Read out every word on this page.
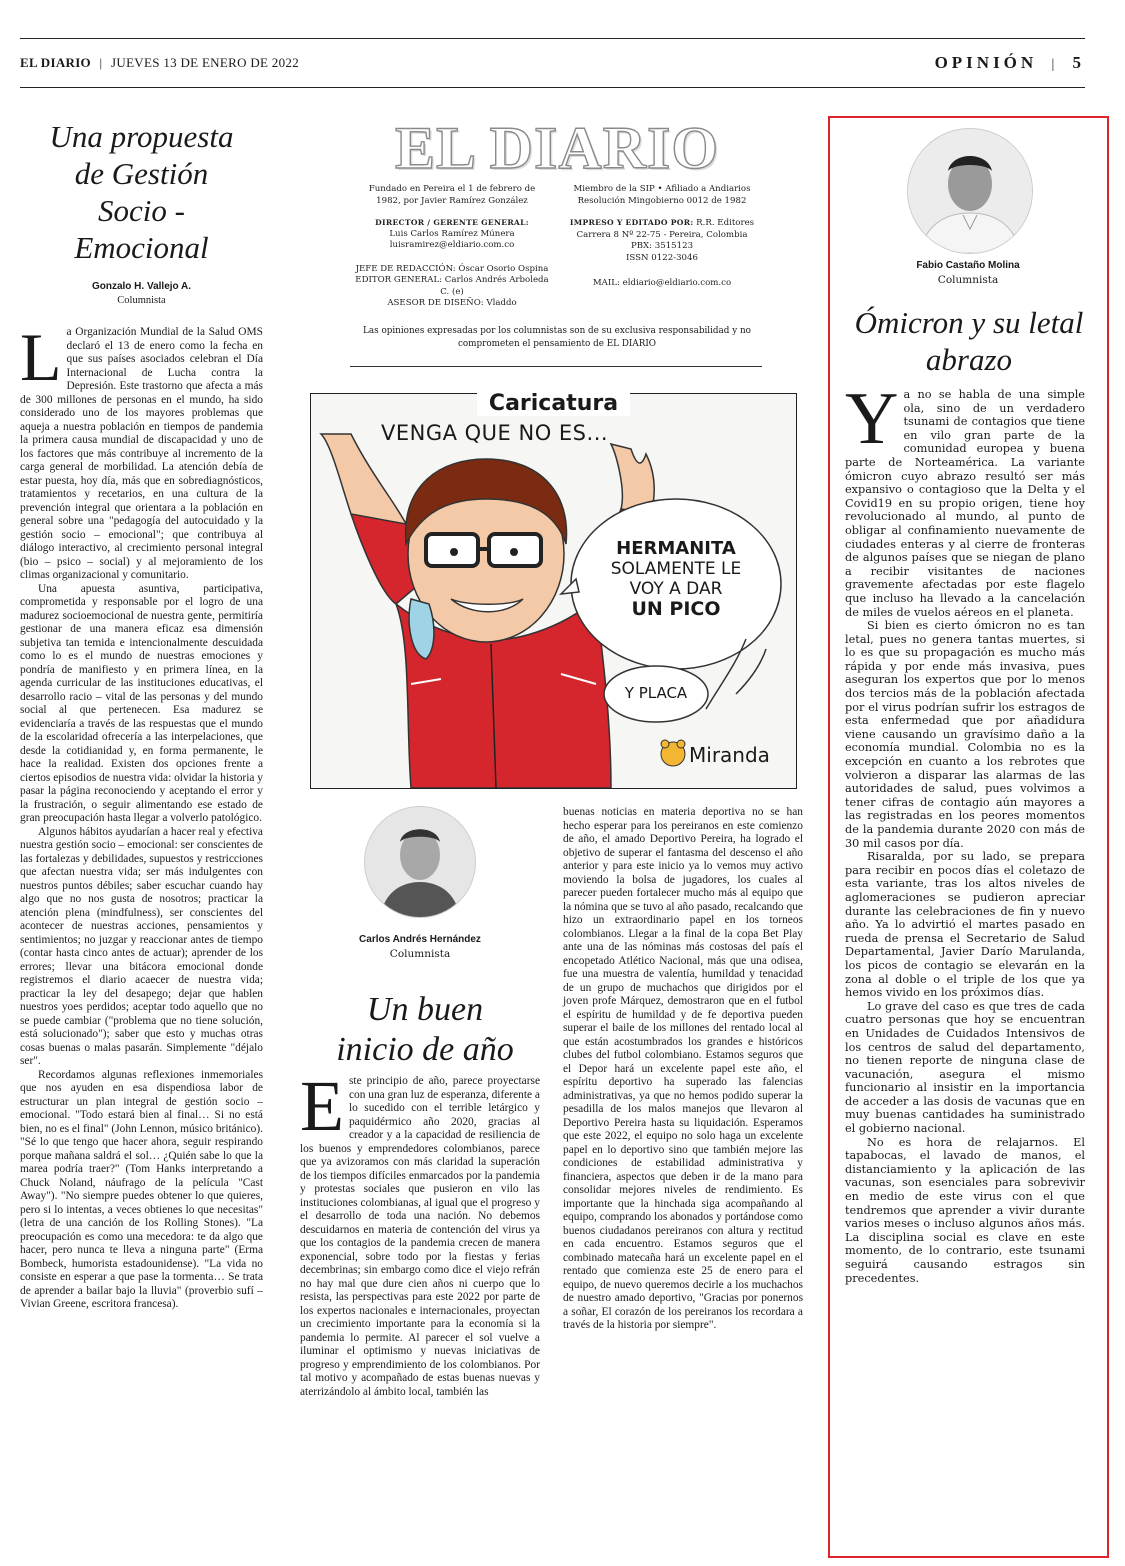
EL DIARIO | JUEVES 13 DE ENERO DE 2022	OPINIÓN | 5
Una propuesta de Gestión Socio - Emocional
Gonzalo H. Vallejo A.
Columnista

La Organización Mundial de la Salud OMS declaró el 13 de enero como la fecha en que sus países asociados celebran el Día Internacional de Lucha contra la Depresión. Este trastorno que afecta a más de 300 millones de personas en el mundo, ha sido considerado uno de los mayores problemas que aqueja a nuestra población en tiempos de pandemia la primera causa mundial de discapacidad y uno de los factores que más contribuye al incremento de la carga general de morbilidad. La atención debía de estar puesta, hoy día, más que en sobrediagnósticos, tratamientos y recetarios, en una cultura de la prevención integral que orientara a la población en general sobre una "pedagogía del autocuidado y la gestión socio – emocional"; que contribuya al diálogo interactivo, al crecimiento personal integral (bio – psico – social) y al mejoramiento de los climas organizacional y comunitario.

Una apuesta asuntiva, participativa, comprometida y responsable por el logro de una madurez socioemocional de nuestra gente, permitiría gestionar de una manera eficaz esa dimensión subjetiva tan temida e intencionalmente descuidada como lo es el mundo de nuestras emociones y pondría de manifiesto y en primera línea, en la agenda curricular de las instituciones educativas, el desarrollo racio – vital de las personas y del mundo social al que pertenecen. Esa madurez se evidenciaría a través de las respuestas que el mundo de la escolaridad ofrecería a las interpelaciones, que desde la cotidianidad y, en forma permanente, le hace la realidad. Existen dos opciones frente a ciertos episodios de nuestra vida: olvidar la historia y pasar la página reconociendo y aceptando el error y la frustración, o seguir alimentando ese estado de gran preocupación hasta llegar a volverlo patológico.

Algunos hábitos ayudarían a hacer real y efectiva nuestra gestión socio – emocional: ser conscientes de las fortalezas y debilidades, supuestos y restricciones que afectan nuestra vida; ser más indulgentes con nuestros puntos débiles; saber escuchar cuando hay algo que no nos gusta de nosotros; practicar la atención plena (mindfulness), ser conscientes del acontecer de nuestras acciones, pensamientos y sentimientos; no juzgar y reaccionar antes de tiempo (contar hasta cinco antes de actuar); aprender de los errores; llevar una bitácora emocional donde registremos el diario acaecer de nuestra vida; practicar la ley del desapego; dejar que hablen nuestros yoes perdidos; aceptar todo aquello que no se puede cambiar ("problema que no tiene solución, está solucionado"); saber que esto y muchas otras cosas buenas o malas pasarán. Simplemente "déjalo ser".

Recordamos algunas reflexiones inmemoriales que nos ayuden en esa dispendiosa labor de estructurar un plan integral de gestión socio – emocional. "Todo estará bien al final… Si no está bien, no es el final" (John Lennon, músico británico). "Sé lo que tengo que hacer ahora, seguir respirando porque mañana saldrá el sol… ¿Quién sabe lo que la marea podría traer?" (Tom Hanks interpretando a Chuck Noland, náufrago de la película "Cast Away"). "No siempre puedes obtener lo que quieres, pero si lo intentas, a veces obtienes lo que necesitas" (letra de una canción de los Rolling Stones). "La preocupación es como una mecedora: te da algo que hacer, pero nunca te lleva a ninguna parte" (Erma Bombeck, humorista estadounidense). "La vida no consiste en esperar a que pase la tormenta… Se trata de aprender a bailar bajo la lluvia" (proverbio sufí – Vivian Greene, escritora francesa).

EL DIARIO
Fundado en Pereira el 1 de febrero de 1982, por Javier Ramírez González
DIRECTOR / GERENTE GENERAL:
Luis Carlos Ramírez Múnera
luisramirez@eldiario.com.co
JEFE DE REDACCIÓN: Óscar Osorio Ospina
EDITOR GENERAL: Carlos Andrés Arboleda C. (e)
ASESOR DE DISEÑO: Vladdo
Miembro de la SIP • Afiliado a Andiarios
Resolución Mingobierno 0012 de 1982
IMPRESO Y EDITADO POR: R.R. Editores
Carrera 8 Nº 22-75 - Pereira, Colombia
PBX: 3515123
ISSN 0122-3046
MAIL: eldiario@eldiario.com.co
Las opiniones expresadas por los columnistas son de su exclusiva responsabilidad y no comprometen el pensamiento de EL DIARIO
Caricatura
VENGA QUE NO ES...
HERMANITA
SOLAMENTE LE
VOY A DAR
UN PICO
Y PLACA
Miranda
Carlos Andrés Hernández
Columnista
Un buen inicio de año

Este principio de año, parece proyectarse con una gran luz de esperanza, diferente a lo sucedido con el terrible letárgico y paquidérmico año 2020, gracias al creador y a la capacidad de resiliencia de los buenos y emprendedores colombianos, parece que ya avizoramos con más claridad la superación de los tiempos difíciles enmarcados por la pandemia y protestas sociales que pusieron en vilo las instituciones colombianas, al igual que el progreso y el desarrollo de toda una nación. No debemos descuidarnos en materia de contención del virus ya que los contagios de la pandemia crecen de manera exponencial, sobre todo por la fiestas y ferias decembrinas; sin embargo como dice el viejo refrán no hay mal que dure cien años ni cuerpo que lo resista, las perspectivas para este 2022 por parte de los expertos nacionales e internacionales, proyectan un crecimiento importante para la economía si la pandemia lo permite. Al parecer el sol vuelve a iluminar el optimismo y nuevas iniciativas de progreso y emprendimiento de los colombianos. Por tal motivo y acompañado de estas buenas nuevas y aterrizándolo al ámbito local, también las

buenas noticias en materia deportiva no se han hecho esperar para los pereiranos en este comienzo de año, el amado Deportivo Pereira, ha logrado el objetivo de superar el fantasma del descenso el año anterior y para este inicio ya lo vemos muy activo moviendo la bolsa de jugadores, los cuales al parecer pueden fortalecer mucho más al equipo que la nómina que se tuvo al año pasado, recalcando que hizo un extraordinario papel en los torneos colombianos. Llegar a la final de la copa Bet Play ante una de las nóminas más costosas del país el encopetado Atlético Nacional, más que una odisea, fue una muestra de valentía, humildad y tenacidad de un grupo de muchachos que dirigidos por el joven profe Márquez, demostraron que en el futbol el espíritu de humildad y de fe deportiva pueden superar el baile de los millones del rentado local al que están acostumbrados los grandes e históricos clubes del futbol colombiano. Estamos seguros que el Depor hará un excelente papel este año, el espíritu deportivo ha superado las falencias administrativas, ya que no hemos podido superar la pesadilla de los malos manejos que llevaron al Deportivo Pereira hasta su liquidación. Esperamos que este 2022, el equipo no solo haga un excelente papel en lo deportivo sino que también mejore las condiciones de estabilidad administrativa y financiera, aspectos que deben ir de la mano para consolidar mejores niveles de rendimiento. Es importante que la hinchada siga acompañando al equipo, comprando los abonados y portándose como buenos ciudadanos pereiranos con altura y rectitud en cada encuentro. Estamos seguros que el combinado matecaña hará un excelente papel en el rentado que comienza este 25 de enero para el equipo, de nuevo queremos decirle a los muchachos de nuestro amado deportivo, "Gracias por ponernos a soñar, El corazón de los pereiranos los recordara a través de la historia por siempre".

Fabio Castaño Molina
Columnista
Ómicron y su letal
abrazo

Ya no se habla de una simple ola, sino de un verdadero tsunami de contagios que tiene en vilo gran parte de la comunidad europea y buena parte de Norteamérica. La variante ómicron cuyo abrazo resultó ser más expansivo o contagioso que la Delta y el Covid19 en su propio origen, tiene hoy revolucionado al mundo, al punto de obligar al confinamiento nuevamente de ciudades enteras y al cierre de fronteras de algunos países que se niegan de plano a recibir visitantes de naciones gravemente afectadas por este flagelo que incluso ha llevado a la cancelación de miles de vuelos aéreos en el planeta.

Si bien es cierto ómicron no es tan letal, pues no genera tantas muertes, si lo es que su propagación es mucho más rápida y por ende más invasiva, pues aseguran los expertos que por lo menos dos tercios más de la población afectada por el virus podrían sufrir los estragos de esta enfermedad que por añadidura viene causando un gravísimo daño a la economía mundial. Colombia no es la excepción en cuanto a los rebrotes que volvieron a disparar las alarmas de las autoridades de salud, pues volvimos a tener cifras de contagio aún mayores a las registradas en los peores momentos de la pandemia durante 2020 con más de 30 mil casos por día.

Risaralda, por su lado, se prepara para recibir en pocos días el coletazo de esta variante, tras los altos niveles de aglomeraciones se pudieron apreciar durante las celebraciones de fin y nuevo año. Ya lo advirtió el martes pasado en rueda de prensa el Secretario de Salud Departamental, Javier Darío Marulanda, los picos de contagio se elevarán en la zona al doble o el triple de los que ya hemos vivido en los próximos días.

Lo grave del caso es que tres de cada cuatro personas que hoy se encuentran en Unidades de Cuidados Intensivos de los centros de salud del departamento, no tienen reporte de ninguna clase de vacunación, asegura el mismo funcionario al insistir en la importancia de acceder a las dosis de vacunas que en muy buenas cantidades ha suministrado el gobierno nacional.

No es hora de relajarnos. El tapabocas, el lavado de manos, el distanciamiento y la aplicación de las vacunas, son esenciales para sobrevivir en medio de este virus con el que tendremos que aprender a vivir durante varios meses o incluso algunos años más. La disciplina social es clave en este momento, de lo contrario, este tsunami seguirá causando estragos sin precedentes.
